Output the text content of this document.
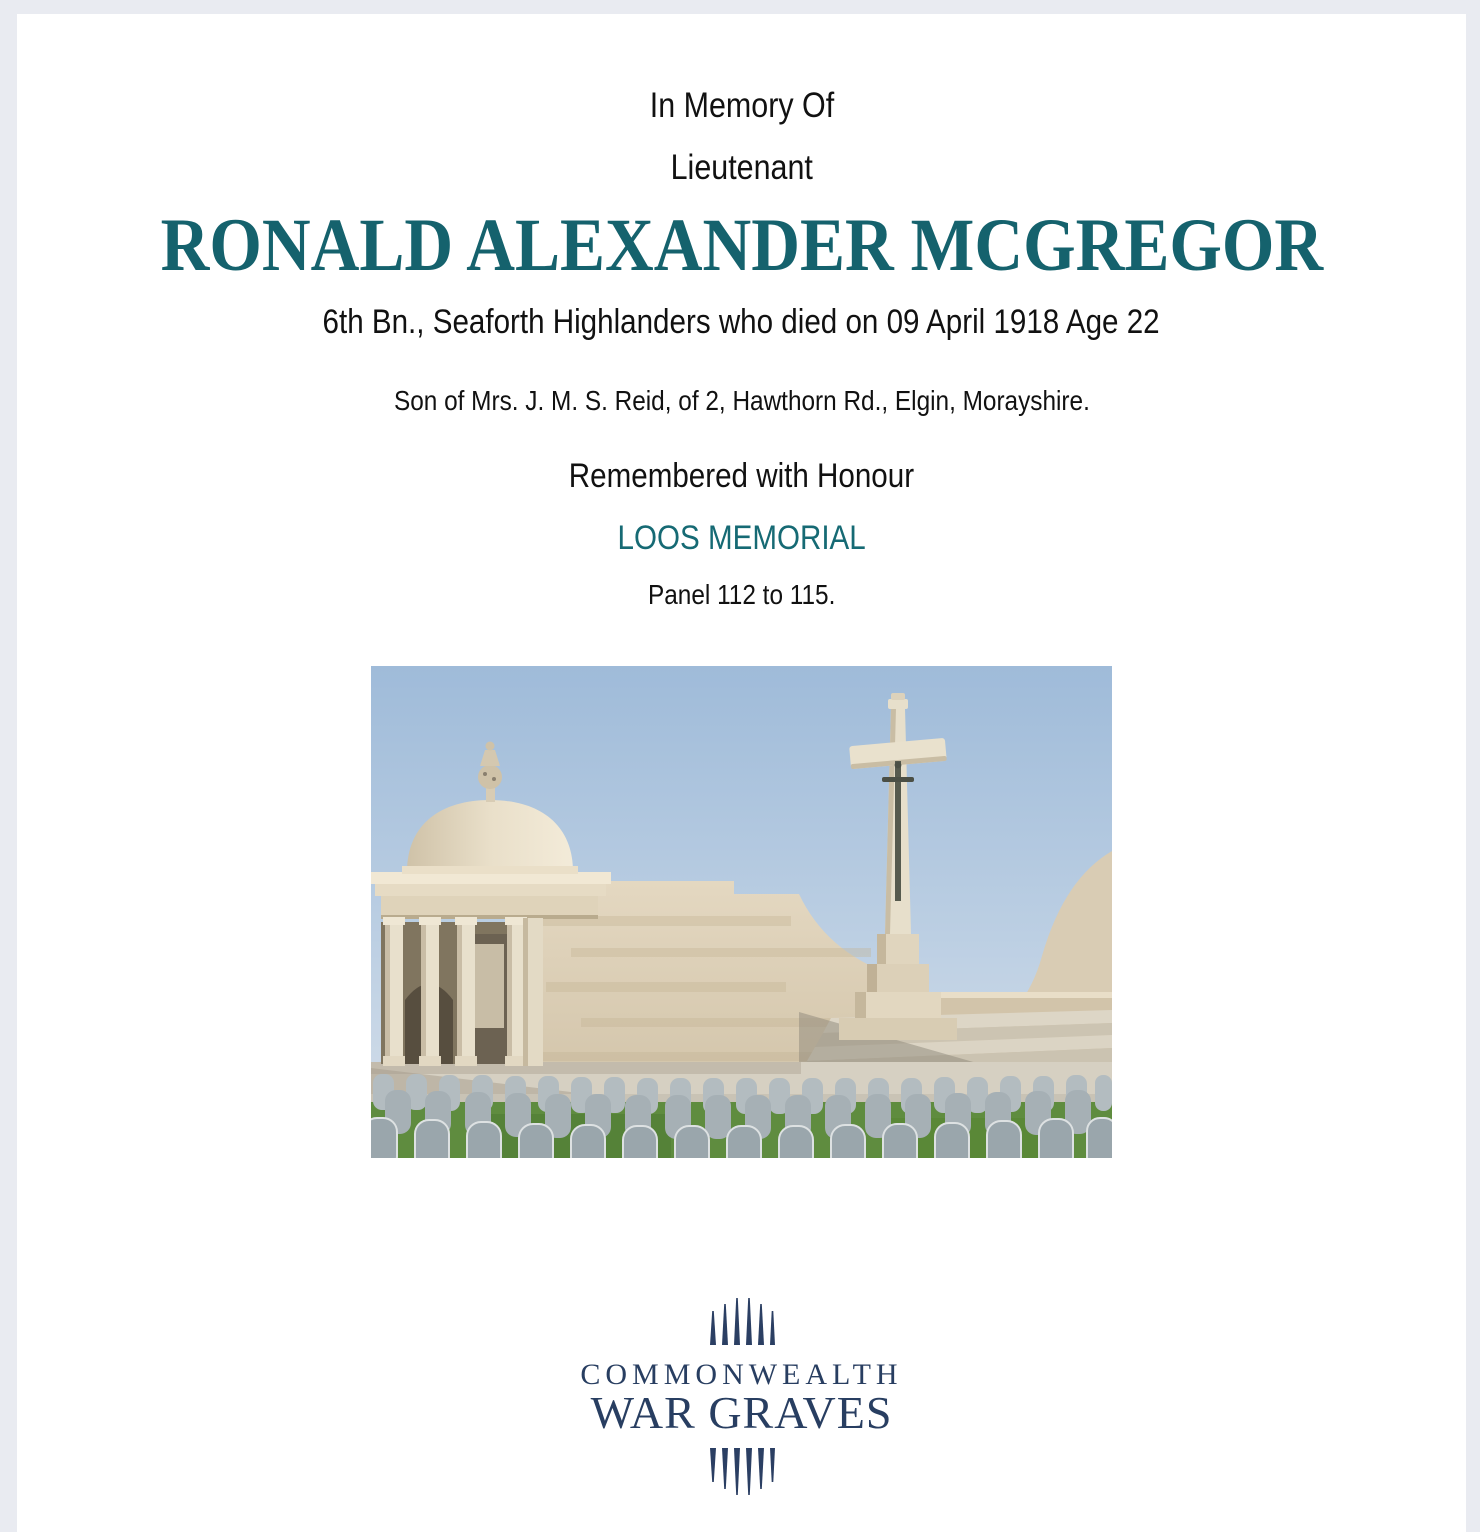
In Memory Of
Lieutenant
RONALD ALEXANDER MCGREGOR
6th Bn., Seaforth Highlanders who died on 09 April 1918 Age 22
Son of Mrs. J. M. S. Reid, of 2, Hawthorn Rd., Elgin, Morayshire.
Remembered with Honour
LOOS MEMORIAL
Panel 112 to 115.
COMMONWEALTH
WAR GRAVES
